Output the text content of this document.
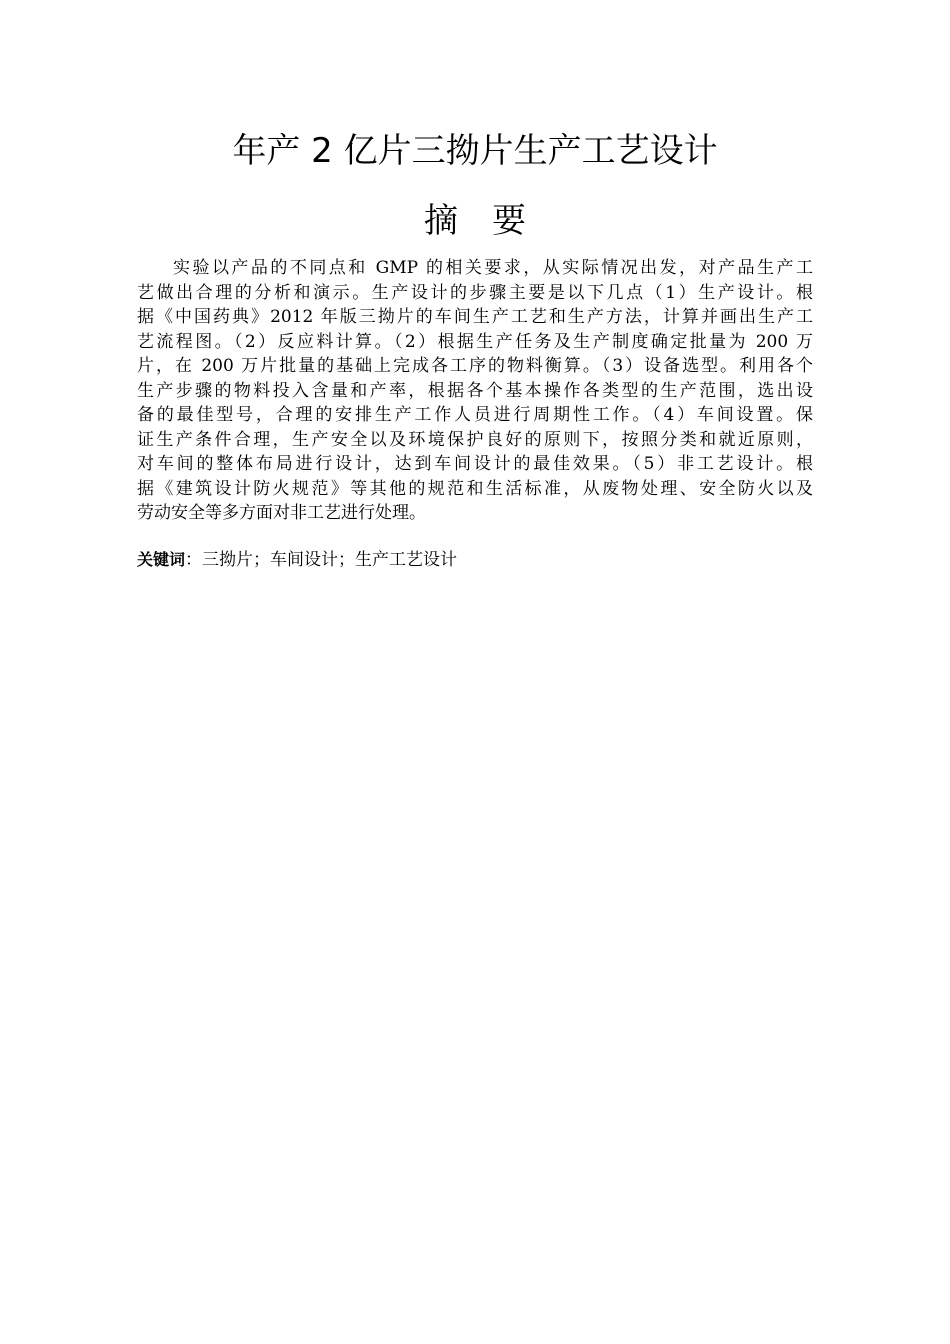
年产 2 亿片三拗片生产工艺设计
摘 要
实验以产品的不同点和 GMP 的相关要求，从实际情况出发，对产品生产工
艺做出合理的分析和演示。生产设计的步骤主要是以下几点（1）生产设计。根
据《中国药典》2012 年版三拗片的车间生产工艺和生产方法，计算并画出生产工
艺流程图。（2）反应料计算。（2）根据生产任务及生产制度确定批量为 200 万
片，在 200 万片批量的基础上完成各工序的物料衡算。（3）设备选型。利用各个
生产步骤的物料投入含量和产率，根据各个基本操作各类型的生产范围，选出设
备的最佳型号，合理的安排生产工作人员进行周期性工作。（4）车间设置。保
证生产条件合理，生产安全以及环境保护良好的原则下，按照分类和就近原则，
对车间的整体布局进行设计，达到车间设计的最佳效果。（5）非工艺设计。根
据《建筑设计防火规范》等其他的规范和生活标准，从废物处理、安全防火以及
劳动安全等多方面对非工艺进行处理。
关键词：三拗片；车间设计；生产工艺设计
